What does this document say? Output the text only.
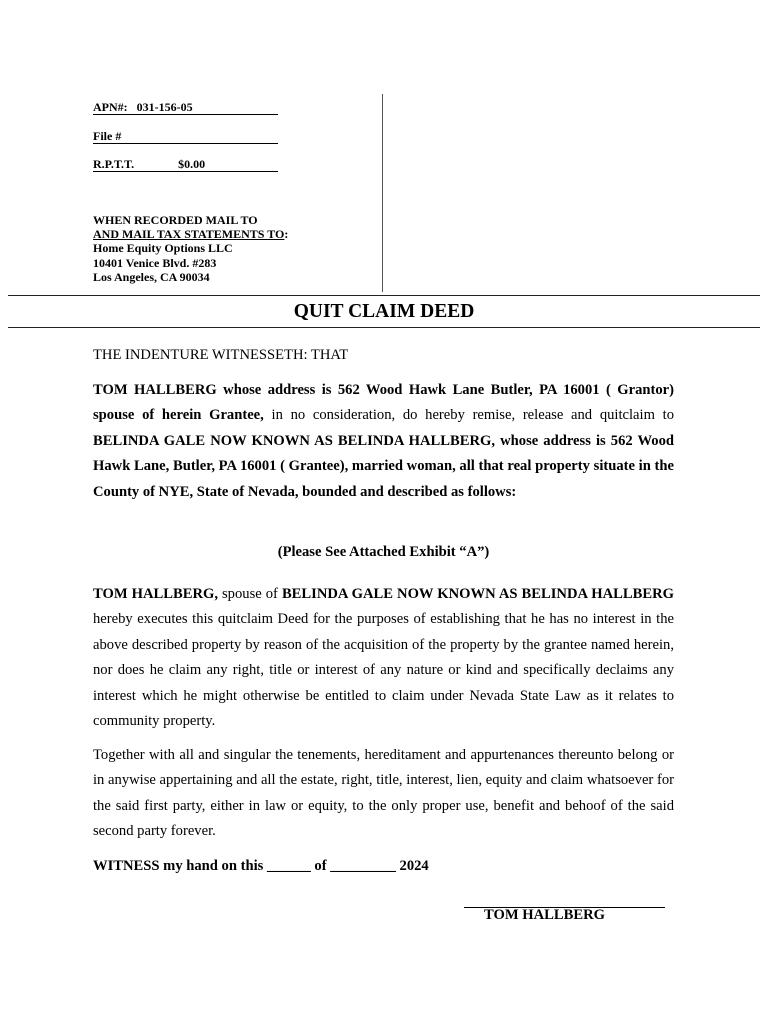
APN#: 031-156-05
File #
R.P.T.T.	$0.00
WHEN RECORDED MAIL TO
AND MAIL TAX STATEMENTS TO:
Home Equity Options LLC
10401 Venice Blvd. #283
Los Angeles, CA 90034
QUIT CLAIM DEED
THE INDENTURE WITNESSETH: THAT
TOM HALLBERG whose address is 562 Wood Hawk Lane Butler, PA 16001 ( Grantor) spouse of herein Grantee, in no consideration, do hereby remise, release and quitclaim to BELINDA GALE NOW KNOWN AS BELINDA HALLBERG, whose address is 562 Wood Hawk Lane, Butler, PA 16001 ( Grantee), married woman, all that real property situate in the County of NYE, State of Nevada, bounded and described as follows:
(Please See Attached Exhibit “A”)
TOM HALLBERG, spouse of BELINDA GALE NOW KNOWN AS BELINDA HALLBERG hereby executes this quitclaim Deed for the purposes of establishing that he has no interest in the above described property by reason of the acquisition of the property by the grantee named herein, nor does he claim any right, title or interest of any nature or kind and specifically declaims any interest which he might otherwise be entitled to claim under Nevada State Law as it relates to community property.
Together with all and singular the tenements, hereditament and appurtenances thereunto belong or in anywise appertaining and all the estate, right, title, interest, lien, equity and claim whatsoever for the said first party, either in law or equity, to the only proper use, benefit and behoof of the said second party forever.
WITNESS my hand on this ______ of _________ 2024
TOM HALLBERG
